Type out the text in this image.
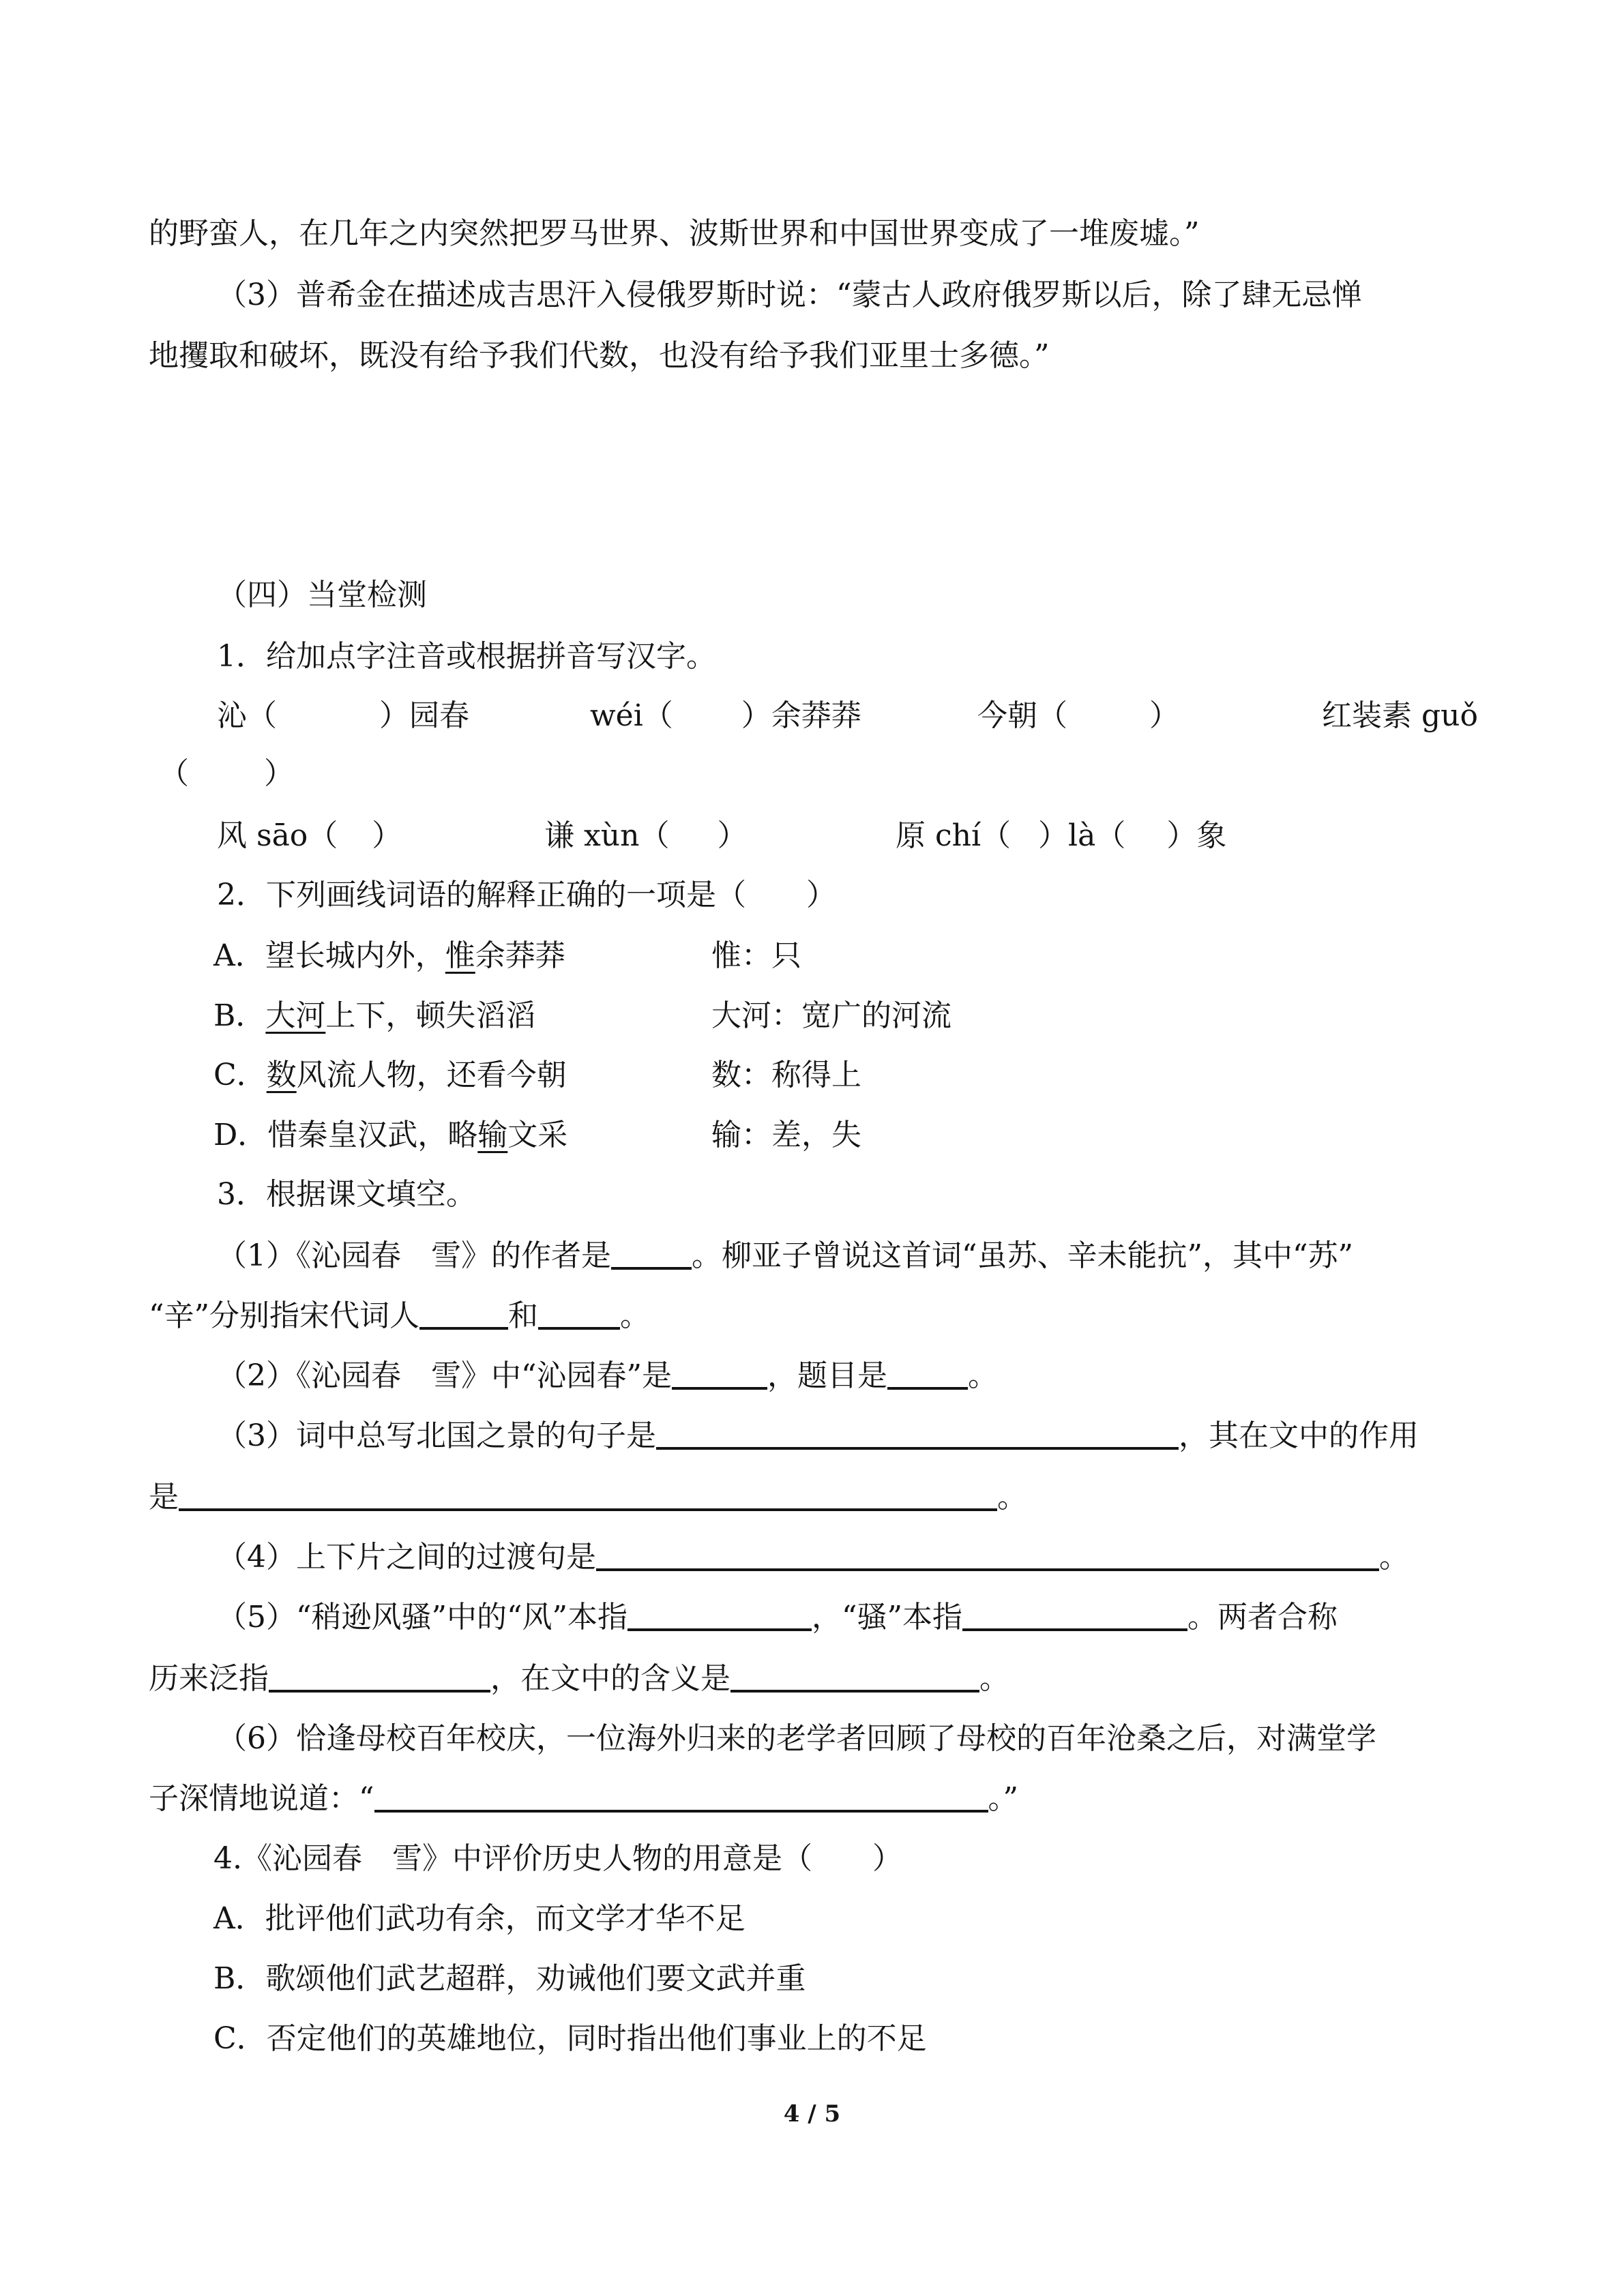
的野蛮人，在几年之内突然把罗马世界、波斯世界和中国世界变成了一堆废墟。”
（3）普希金在描述成吉思汗入侵俄罗斯时说：“蒙古人政府俄罗斯以后，除了肆无忌惮
地攫取和破坏，既没有给予我们代数，也没有给予我们亚里士多德。”
（四）当堂检测
1．给加点字注音或根据拼音写汉字。
沁（	）园春	wéi（ ）余莽莽	今朝（	）	红装素 guǒ
（	）
风 sāo（ ）	谦 xùn（ ）	原 chí（ ）là（ ）象
2．下列画线词语的解释正确的一项是（　　）
A．望长城内外，惟余莽莽	惟：只
B．大河上下，顿失滔滔	大河：宽广的河流
C．数风流人物，还看今朝	数：称得上
D．惜秦皇汉武，略输文采	输：差，失
3．根据课文填空。
（1）《沁园春　雪》的作者是	。柳亚子曾说这首词“虽苏、辛未能抗”，其中“苏”
“辛”分别指宋代词人	和	。
（2）《沁园春　雪》中“沁园春”是	，题目是	。
（3）词中总写北国之景的句子是	，其在文中的作用
是	。
（4）上下片之间的过渡句是	。
（5）“稍逊风骚”中的“风”本指	，“骚”本指	。两者合称
历来泛指	，在文中的含义是	。
（6）恰逢母校百年校庆，一位海外归来的老学者回顾了母校的百年沧桑之后，对满堂学
子深情地说道：“	。”
4.《沁园春　雪》中评价历史人物的用意是（　　）
A．批评他们武功有余，而文学才华不足
B．歌颂他们武艺超群，劝诫他们要文武并重
C．否定他们的英雄地位，同时指出他们事业上的不足
4 / 5
